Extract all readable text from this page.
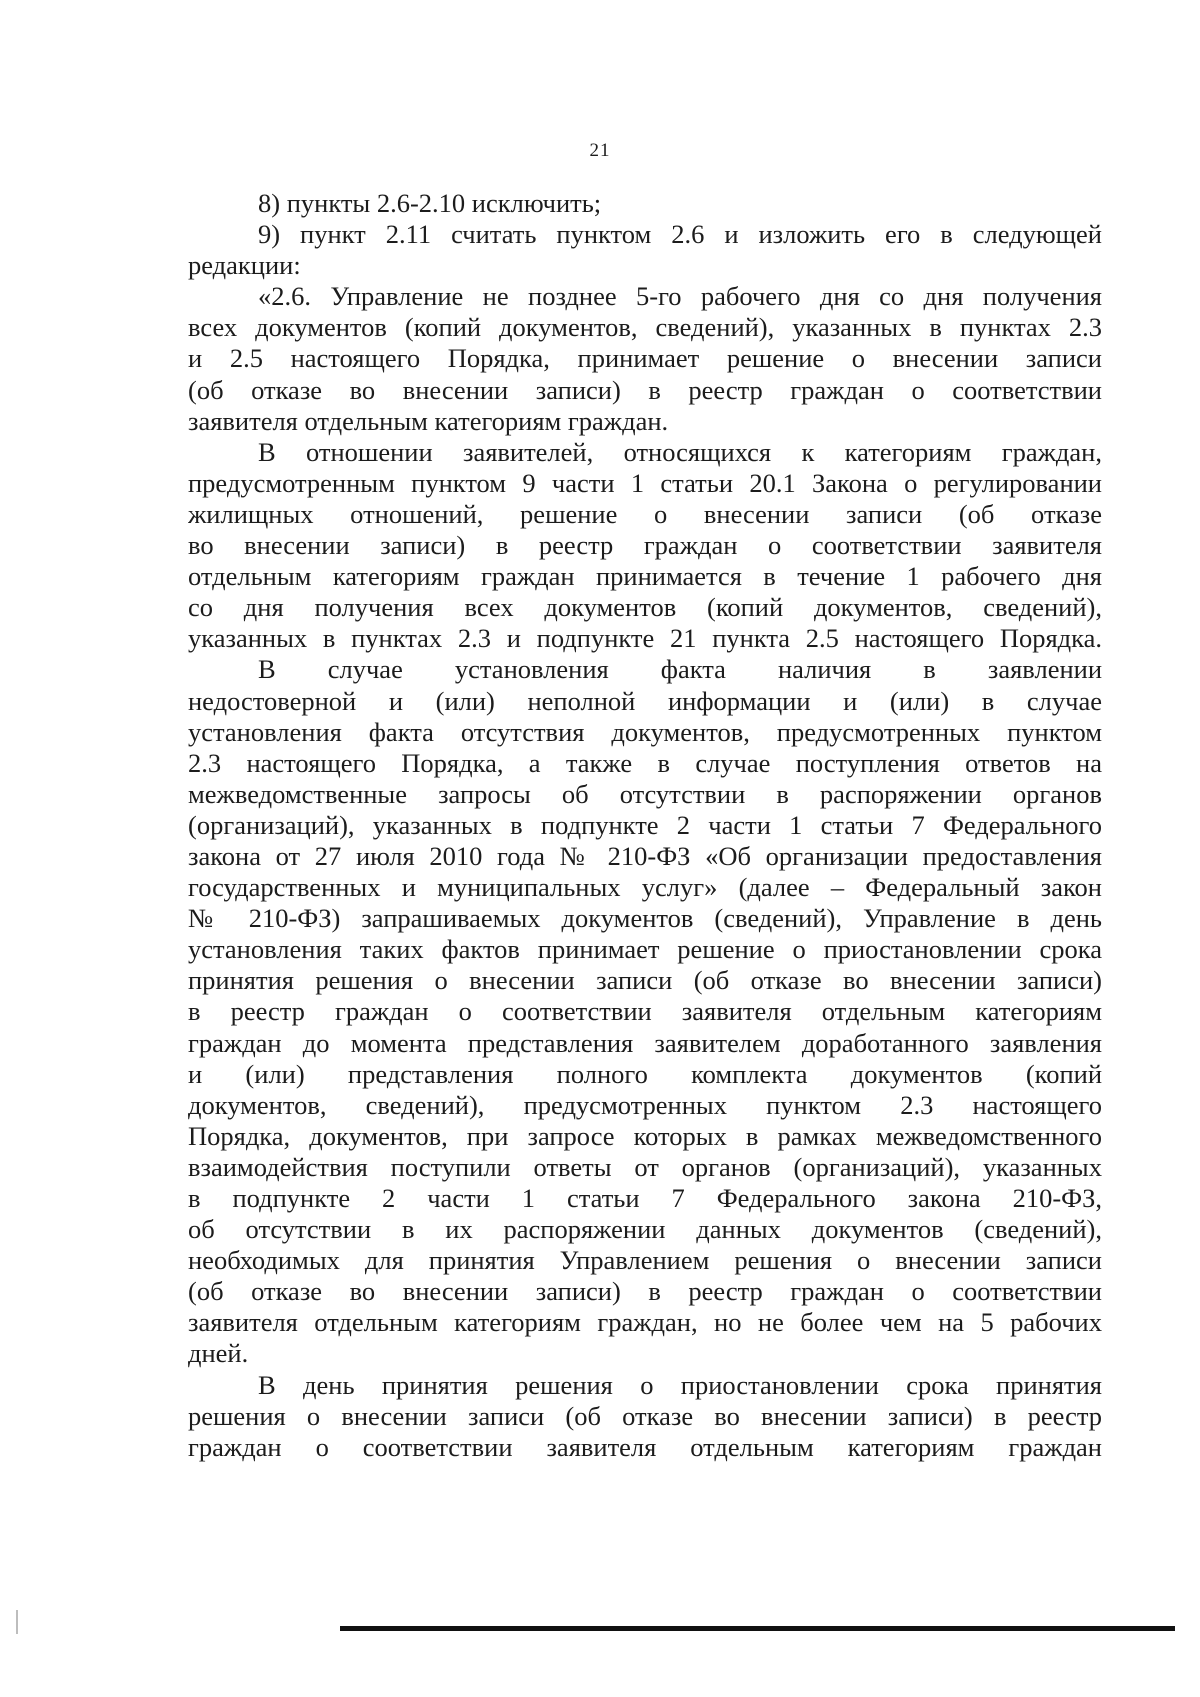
21
8) пункты 2.6-2.10 исключить;
9) пункт 2.11 считать пунктом 2.6 и изложить его в следующей
редакции:
«2.6. Управление не позднее 5-го рабочего дня со дня получения
всех документов (копий документов, сведений), указанных в пунктах 2.3
и 2.5 настоящего Порядка, принимает решение о внесении записи
(об отказе во внесении записи) в реестр граждан о соответствии
заявителя отдельным категориям граждан.
В отношении заявителей, относящихся к категориям граждан,
предусмотренным пунктом 9 части 1 статьи 20.1 Закона о регулировании
жилищных отношений, решение о внесении записи (об отказе
во внесении записи) в реестр граждан о соответствии заявителя
отдельным категориям граждан принимается в течение 1 рабочего дня
со дня получения всех документов (копий документов, сведений),
указанных в пунктах 2.3 и подпункте 21 пункта 2.5 настоящего Порядка.
В случае установления факта наличия в заявлении
недостоверной и (или) неполной информации и (или) в случае
установления факта отсутствия документов, предусмотренных пунктом
2.3 настоящего Порядка, а также в случае поступления ответов на
межведомственные запросы об отсутствии в распоряжении органов
(организаций), указанных в подпункте 2 части 1 статьи 7 Федерального
закона от 27 июля 2010 года № 210-ФЗ «Об организации предоставления
государственных и муниципальных услуг» (далее – Федеральный закон
№ 210-ФЗ) запрашиваемых документов (сведений), Управление в день
установления таких фактов принимает решение о приостановлении срока
принятия решения о внесении записи (об отказе во внесении записи)
в реестр граждан о соответствии заявителя отдельным категориям
граждан до момента представления заявителем доработанного заявления
и (или) представления полного комплекта документов (копий
документов, сведений), предусмотренных пунктом 2.3 настоящего
Порядка, документов, при запросе которых в рамках межведомственного
взаимодействия поступили ответы от органов (организаций), указанных
в подпункте 2 части 1 статьи 7 Федерального закона 210-ФЗ,
об отсутствии в их распоряжении данных документов (сведений),
необходимых для принятия Управлением решения о внесении записи
(об отказе во внесении записи) в реестр граждан о соответствии
заявителя отдельным категориям граждан, но не более чем на 5 рабочих
дней.
В день принятия решения о приостановлении срока принятия
решения о внесении записи (об отказе во внесении записи) в реестр
граждан о соответствии заявителя отдельным категориям граждан
